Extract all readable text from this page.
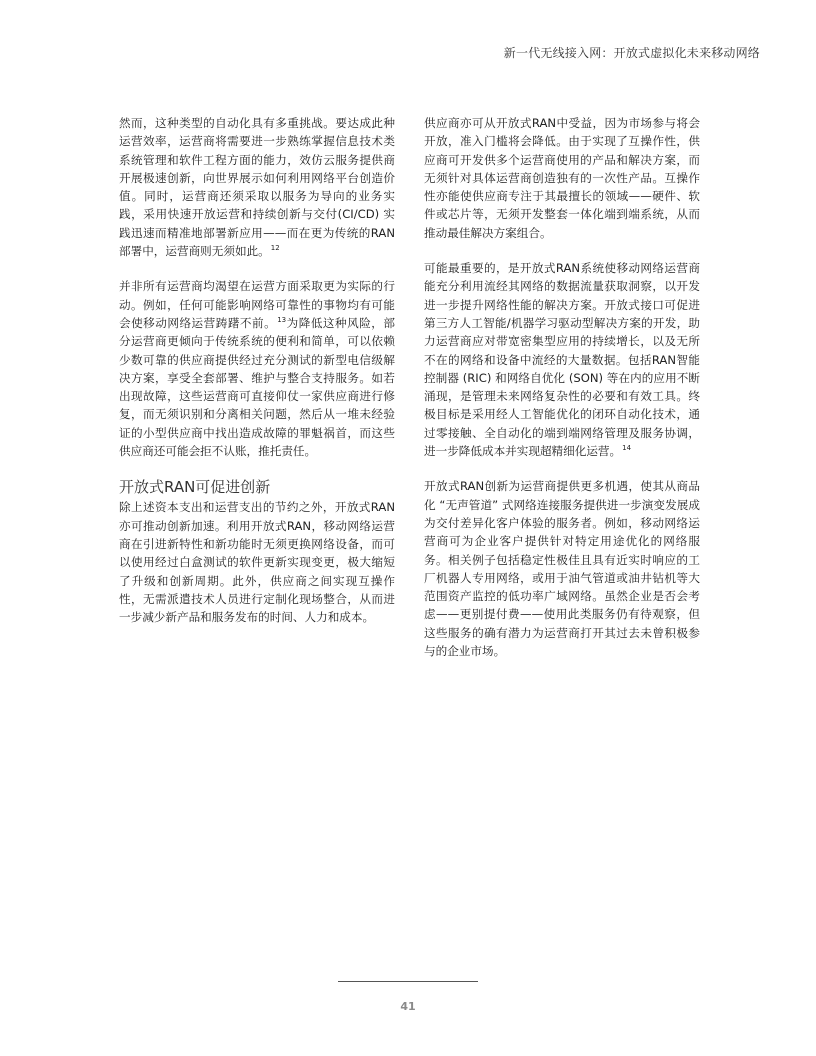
新一代无线接入网：开放式虚拟化未来移动网络

然而，这种类型的自动化具有多重挑战。要达成此种运营效率，运营商将需要进一步熟练掌握信息技术类系统管理和软件工程方面的能力，效仿云服务提供商开展极速创新，向世界展示如何利用网络平台创造价值。同时，运营商还须采取以服务为导向的业务实践，采用快速开放运营和持续创新与交付(CI/CD) 实践迅速而精准地部署新应用——而在更为传统的RAN部署中，运营商则无须如此。$^{12}$

并非所有运营商均渴望在运营方面采取更为实际的行动。例如，任何可能影响网络可靠性的事物均有可能会使移动网络运营踌躇不前。$^{13}$为降低这种风险，部分运营商更倾向于传统系统的便利和简单，可以依赖少数可靠的供应商提供经过充分测试的新型电信级解决方案，享受全套部署、维护与整合支持服务。如若出现故障，这些运营商可直接仰仗一家供应商进行修复，而无须识别和分离相关问题，然后从一堆未经验证的小型供应商中找出造成故障的罪魁祸首，而这些供应商还可能会拒不认账，推托责任。

开放式RAN可促进创新

除上述资本支出和运营支出的节约之外，开放式RAN亦可推动创新加速。利用开放式RAN，移动网络运营商在引进新特性和新功能时无须更换网络设备，而可以使用经过白盒测试的软件更新实现变更，极大缩短了升级和创新周期。此外，供应商之间实现互操作性，无需派遣技术人员进行定制化现场整合，从而进一步减少新产品和服务发布的时间、人力和成本。

供应商亦可从开放式RAN中受益，因为市场参与将会开放，准入门槛将会降低。由于实现了互操作性，供应商可开发供多个运营商使用的产品和解决方案，而无须针对具体运营商创造独有的一次性产品。互操作性亦能使供应商专注于其最擅长的领域——硬件、软件或芯片等，无须开发整套一体化端到端系统，从而推动最佳解决方案组合。

可能最重要的，是开放式RAN系统使移动网络运营商能充分利用流经其网络的数据流量获取洞察，以开发进一步提升网络性能的解决方案。开放式接口可促进第三方人工智能/机器学习驱动型解决方案的开发，助力运营商应对带宽密集型应用的持续增长，以及无所不在的网络和设备中流经的大量数据。包括RAN智能控制器 (RIC) 和网络自优化 (SON) 等在内的应用不断涌现，是管理未来网络复杂性的必要和有效工具。终极目标是采用经人工智能优化的闭环自动化技术，通过零接触、全自动化的端到端网络管理及服务协调，进一步降低成本并实现超精细化运营。$^{14}$

开放式RAN创新为运营商提供更多机遇，使其从商品化 “无声管道” 式网络连接服务提供进一步演变发展成为交付差异化客户体验的服务者。例如，移动网络运营商可为企业客户提供针对特定用途优化的网络服务。相关例子包括稳定性极佳且具有近实时响应的工厂机器人专用网络，或用于油气管道或油井钻机等大范围资产监控的低功率广域网络。虽然企业是否会考虑——更别提付费——使用此类服务仍有待观察，但这些服务的确有潜力为运营商打开其过去未曾积极参与的企业市场。

41
